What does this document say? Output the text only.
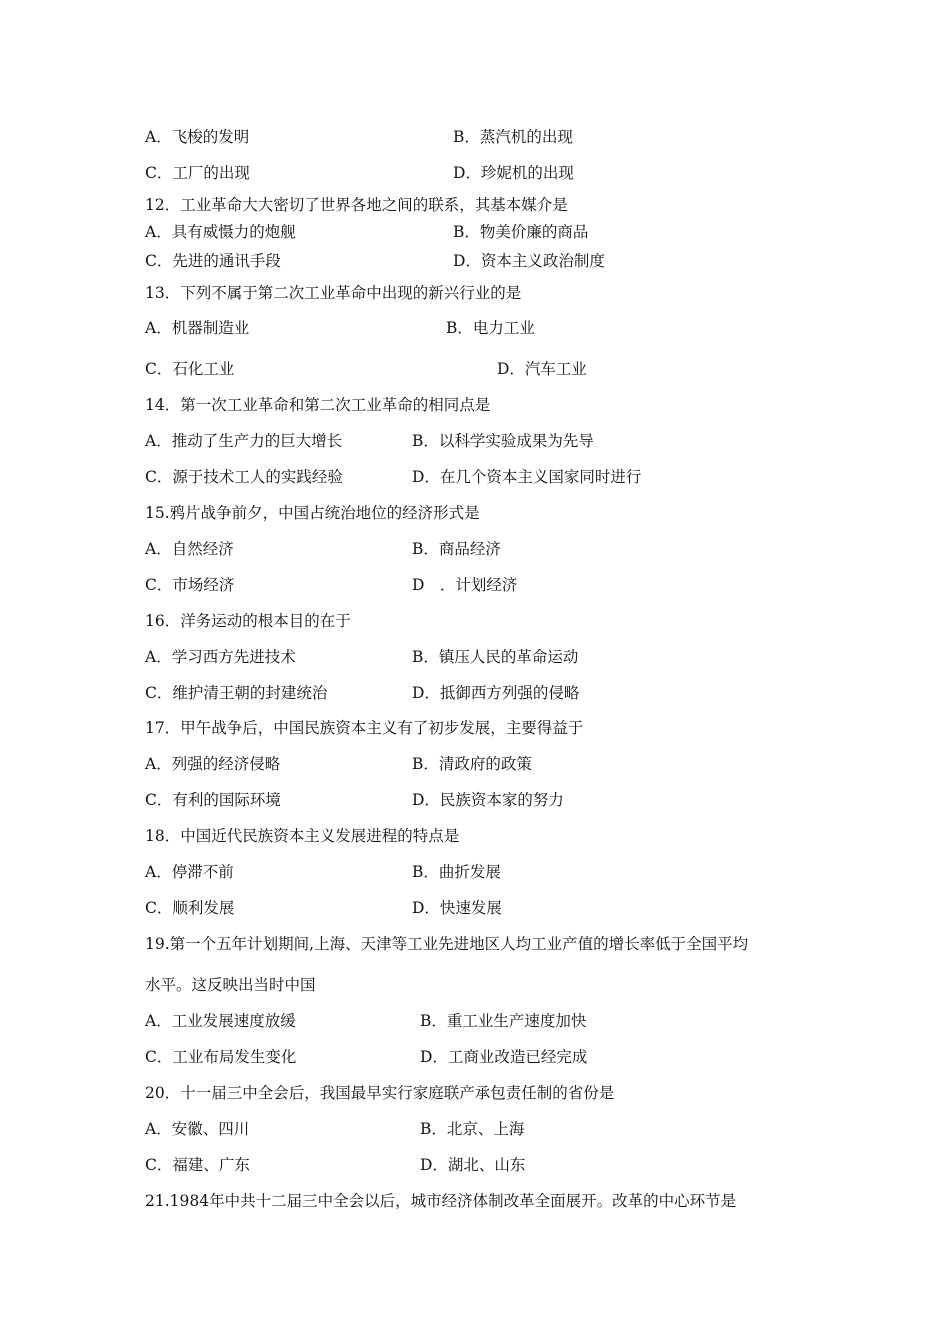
A．飞梭的发明	B．蒸汽机的出现
C．工厂的出现	D．珍妮机的出现
12．工业革命大大密切了世界各地之间的联系，其基本媒介是
A．具有威慑力的炮舰	B．物美价廉的商品
C．先进的通讯手段	D．资本主义政治制度
13．下列不属于第二次工业革命中出现的新兴行业的是
A．机器制造业	B．电力工业
C．石化工业	D．汽车工业
14．第一次工业革命和第二次工业革命的相同点是
A．推动了生产力的巨大增长	B．以科学实验成果为先导
C．源于技术工人的实践经验	D．在几个资本主义国家同时进行
15.鸦片战争前夕，中国占统治地位的经济形式是
A．自然经济	B．商品经济
C．市场经济	D　．计划经济
16．洋务运动的根本目的在于
A．学习西方先进技术	B．镇压人民的革命运动
C．维护清王朝的封建统治	D．抵御西方列强的侵略
17．甲午战争后，中国民族资本主义有了初步发展，主要得益于
A．列强的经济侵略	B．清政府的政策
C．有利的国际环境	D．民族资本家的努力
18．中国近代民族资本主义发展进程的特点是
A．停滞不前	B．曲折发展
C．顺利发展	D．快速发展
19.第一个五年计划期间,上海、天津等工业先进地区人均工业产值的增长率低于全国平均
水平。这反映出当时中国
A．工业发展速度放缓	B．重工业生产速度加快
C．工业布局发生变化	D．工商业改造已经完成
20．十一届三中全会后，我国最早实行家庭联产承包责任制的省份是
A．安徽、四川	B．北京、上海
C．福建、广东	D．湖北、山东
21.1984年中共十二届三中全会以后，城市经济体制改革全面展开。改革的中心环节是
